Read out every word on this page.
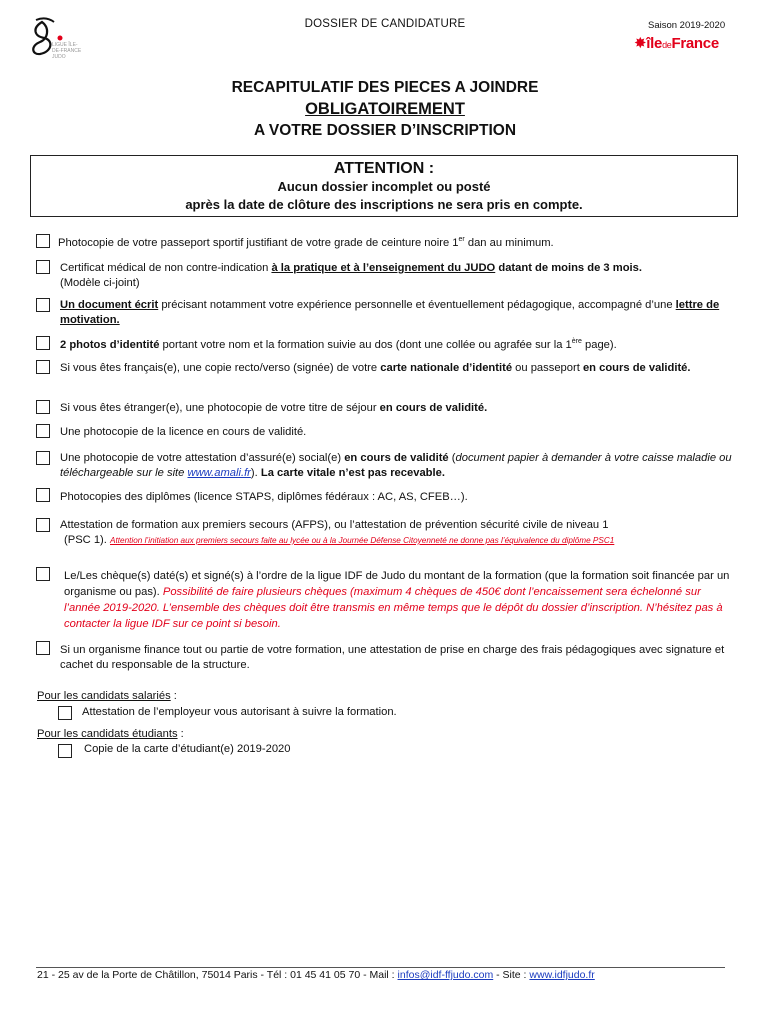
LIGUE ÎLE-DE-FRANCE JUDO
DOSSIER DE CANDIDATURE	Saison 2019-2020
✸îledeFrance
RECAPITULATIF DES PIECES A JOINDRE
OBLIGATOIREMENT
A VOTRE DOSSIER D’INSCRIPTION
ATTENTION :
Aucun dossier incomplet ou posté
après la date de clôture des inscriptions ne sera pris en compte.
Photocopie de votre passeport sportif justifiant de votre grade de ceinture noire 1er dan au minimum.
Certificat médical de non contre-indication à la pratique et à l’enseignement du JUDO datant de moins de 3 mois.
(Modèle ci-joint)
Un document écrit précisant notamment votre expérience personnelle et éventuellement pédagogique, accompagné d’une lettre de motivation.
2 photos d’identité portant votre nom et la formation suivie au dos (dont une collée ou agrafée sur la 1ère page).
Si vous êtes français(e), une copie recto/verso (signée) de votre carte nationale d’identité ou passeport en cours de validité.
Si vous êtes étranger(e), une photocopie de votre titre de séjour en cours de validité.
Une photocopie de la licence en cours de validité.
Une photocopie de votre attestation d’assuré(e) social(e) en cours de validité (document papier à demander à votre caisse maladie ou téléchargeable sur le site www.amali.fr). La carte vitale n’est pas recevable.
Photocopies des diplômes (licence STAPS, diplômes fédéraux : AC, AS, CFEB…).
Attestation de formation aux premiers secours (AFPS), ou l’attestation de prévention sécurité civile de niveau 1
(PSC 1). Attention l’initiation aux premiers secours faite au lycée ou à la Journée Défense Citoyenneté ne donne pas l’équivalence du diplôme PSC1
Le/Les chèque(s) daté(s) et signé(s) à l’ordre de la ligue IDF de Judo du montant de la formation (que la formation soit financée par un organisme ou pas). Possibilité de faire plusieurs chèques (maximum 4 chèques de 450€ dont l’encaissement sera échelonné sur l’année 2019-2020. L’ensemble des chèques doit être transmis en même temps que le dépôt du dossier d’inscription. N’hésitez pas à contacter la ligue IDF sur ce point si besoin.
Si un organisme finance tout ou partie de votre formation, une attestation de prise en charge des frais pédagogiques avec signature et cachet du responsable de la structure.
Pour les candidats salariés :
Attestation de l’employeur vous autorisant à suivre la formation.
Pour les candidats étudiants :
Copie de la carte d’étudiant(e) 2019-2020
21 - 25 av de la Porte de Châtillon, 75014 Paris - Tél : 01 45 41 05 70 - Mail : infos@idf-ffjudo.com - Site : www.idfjudo.fr
